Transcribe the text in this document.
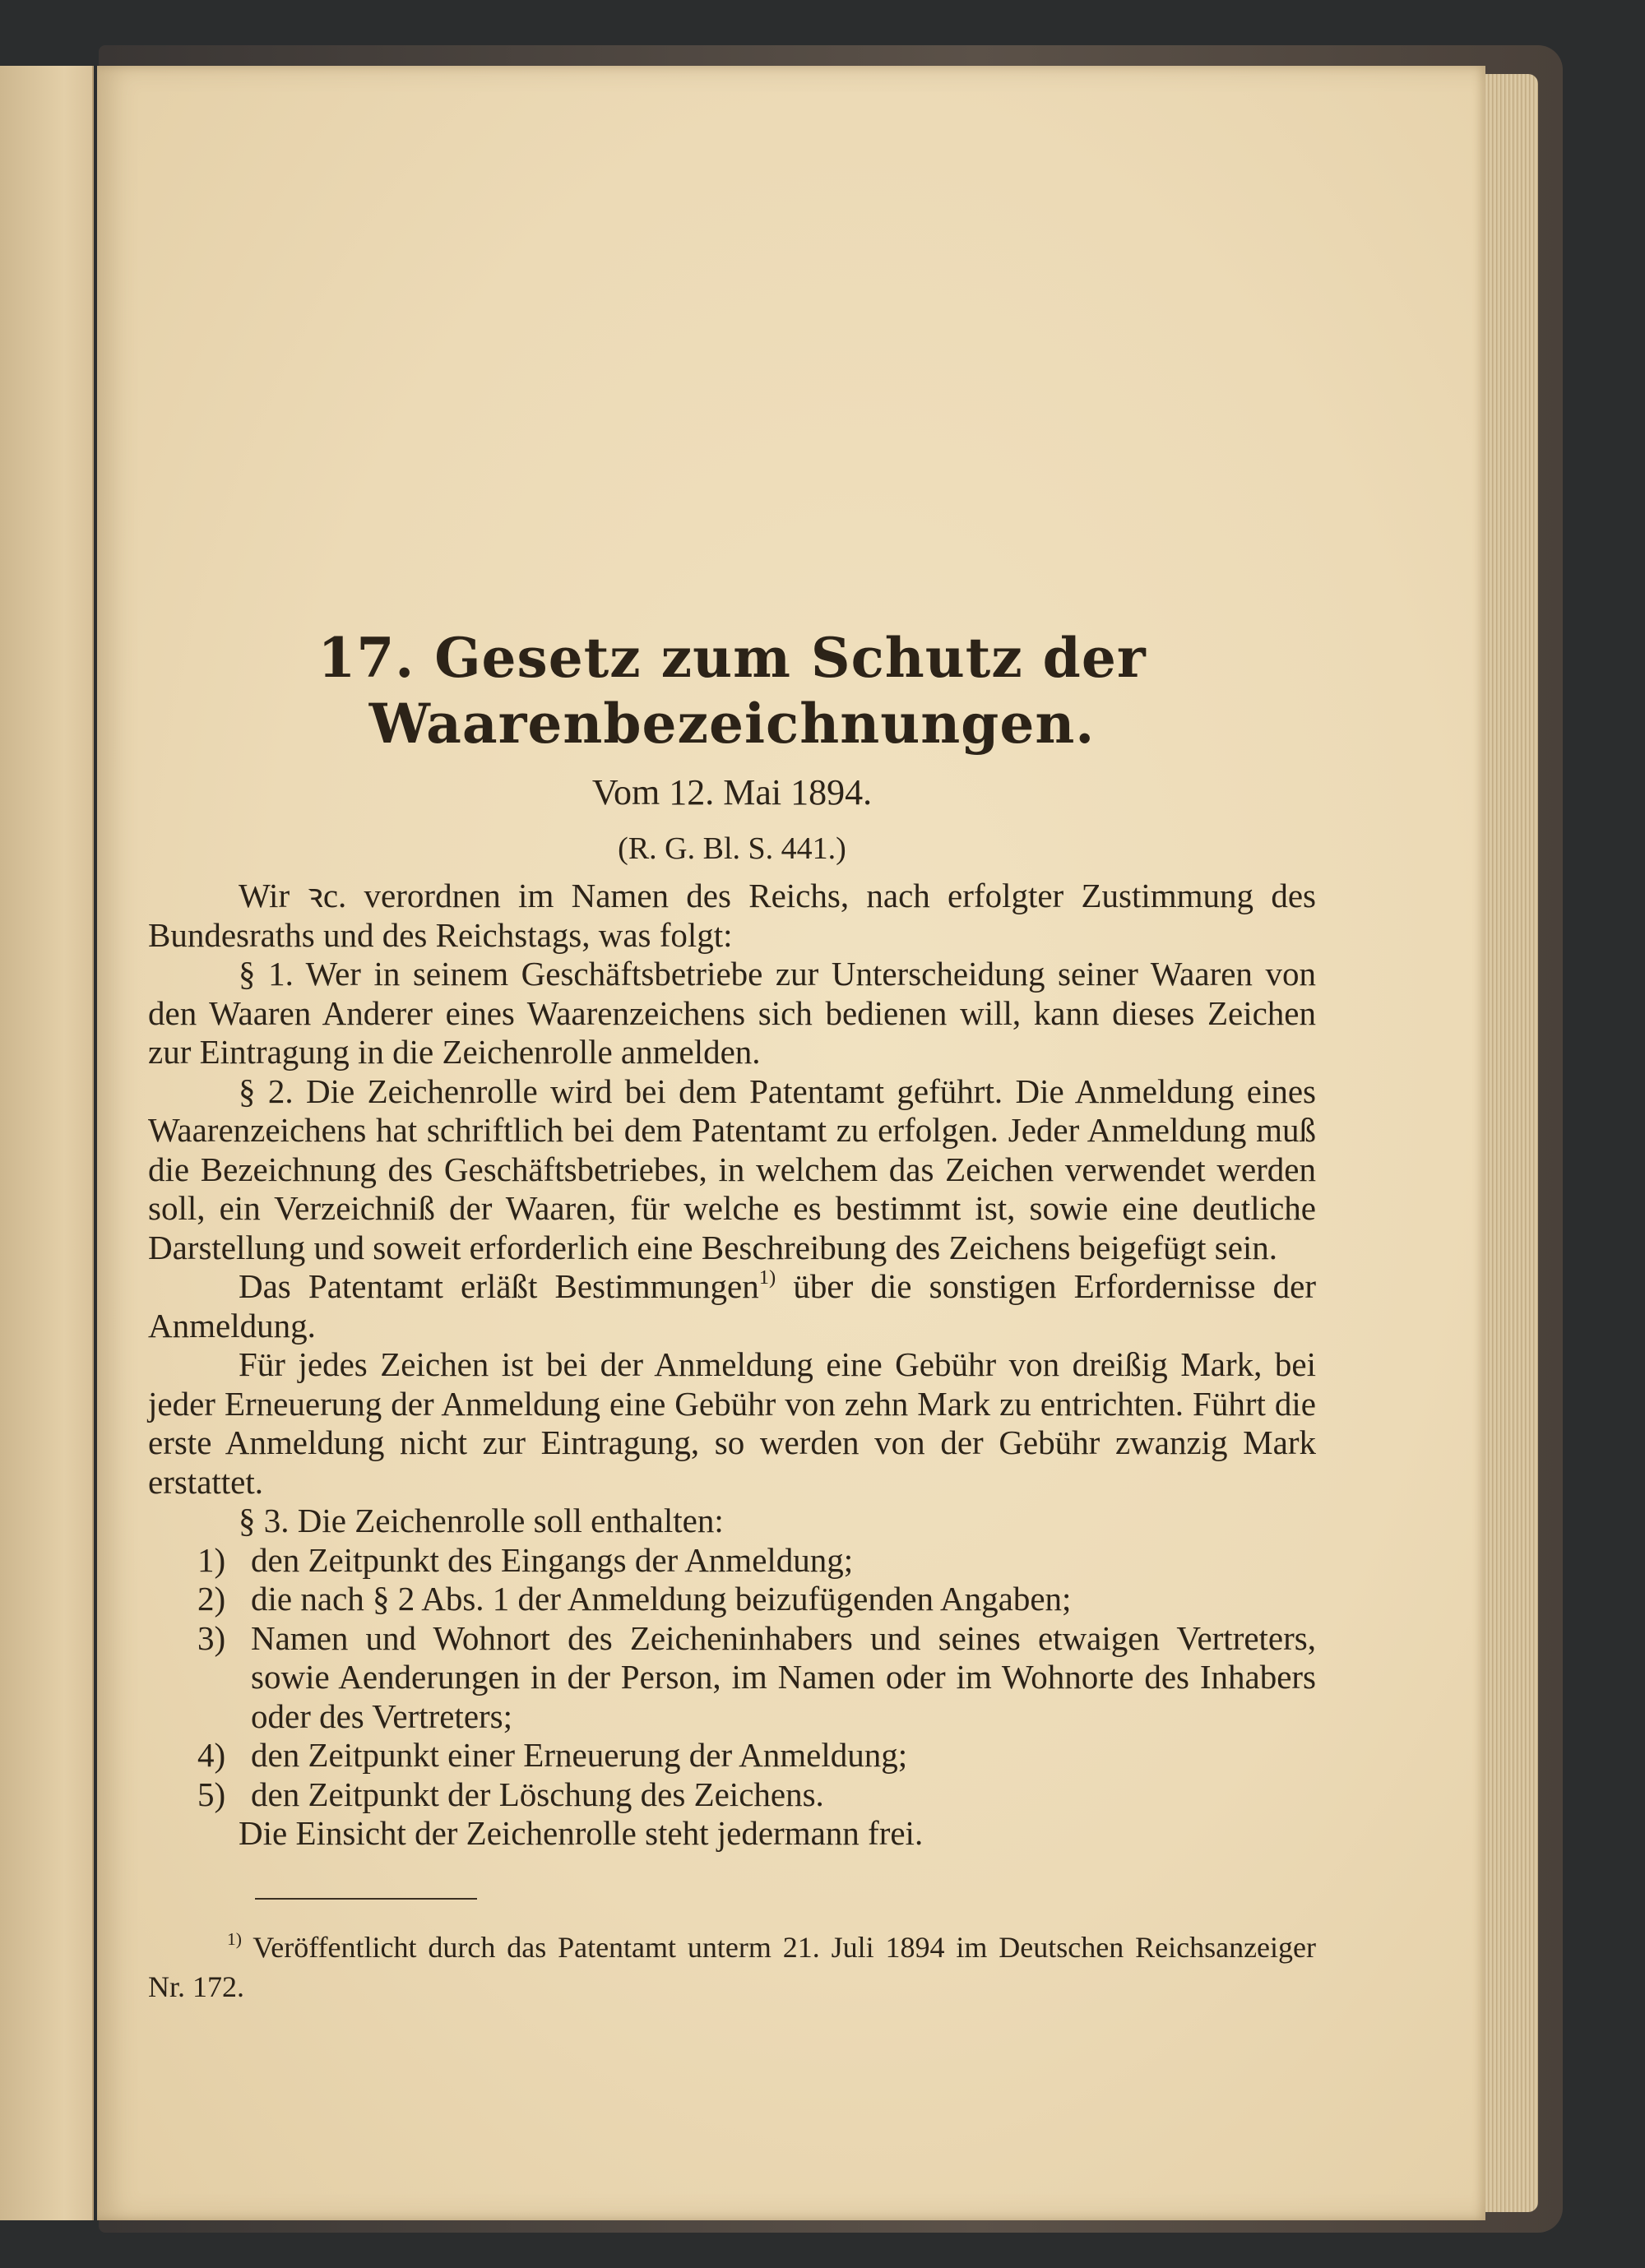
17. Gesetz zum Schutz der Waarenbezeichnungen.
Vom 12. Mai 1894.
(R. G. Bl. S. 441.)

Wir ꝛc. verordnen im Namen des Reichs, nach erfolgter Zustimmung des Bundesraths und des Reichstags, was folgt:

§ 1. Wer in seinem Geschäftsbetriebe zur Unterscheidung seiner Waaren von den Waaren Anderer eines Waarenzeichens sich bedienen will, kann dieses Zeichen zur Eintragung in die Zeichenrolle anmelden.

§ 2. Die Zeichenrolle wird bei dem Patentamt geführt. Die Anmeldung eines Waarenzeichens hat schriftlich bei dem Patentamt zu erfolgen. Jeder Anmeldung muß die Bezeichnung des Geschäftsbetriebes, in welchem das Zeichen verwendet werden soll, ein Verzeichniß der Waaren, für welche es bestimmt ist, sowie eine deutliche Darstellung und soweit erforderlich eine Beschreibung des Zeichens beigefügt sein.

Das Patentamt erläßt Bestimmungen$^{1)}$ über die sonstigen Erfordernisse der Anmeldung.

Für jedes Zeichen ist bei der Anmeldung eine Gebühr von dreißig Mark, bei jeder Erneuerung der Anmeldung eine Gebühr von zehn Mark zu entrichten. Führt die erste Anmeldung nicht zur Eintragung, so werden von der Gebühr zwanzig Mark erstattet.

§ 3. Die Zeichenrolle soll enthalten:

1) den Zeitpunkt des Eingangs der Anmeldung;
2) die nach § 2 Abs. 1 der Anmeldung beizufügenden Angaben;
3) Namen und Wohnort des Zeicheninhabers und seines etwaigen Vertreters, sowie Aenderungen in der Person, im Namen oder im Wohnorte des Inhabers oder des Vertreters;
4) den Zeitpunkt einer Erneuerung der Anmeldung;
5) den Zeitpunkt der Löschung des Zeichens.

Die Einsicht der Zeichenrolle steht jedermann frei.

$^{1)}$ Veröffentlicht durch das Patentamt unterm 21. Juli 1894 im Deutschen Reichsanzeiger Nr. 172.
